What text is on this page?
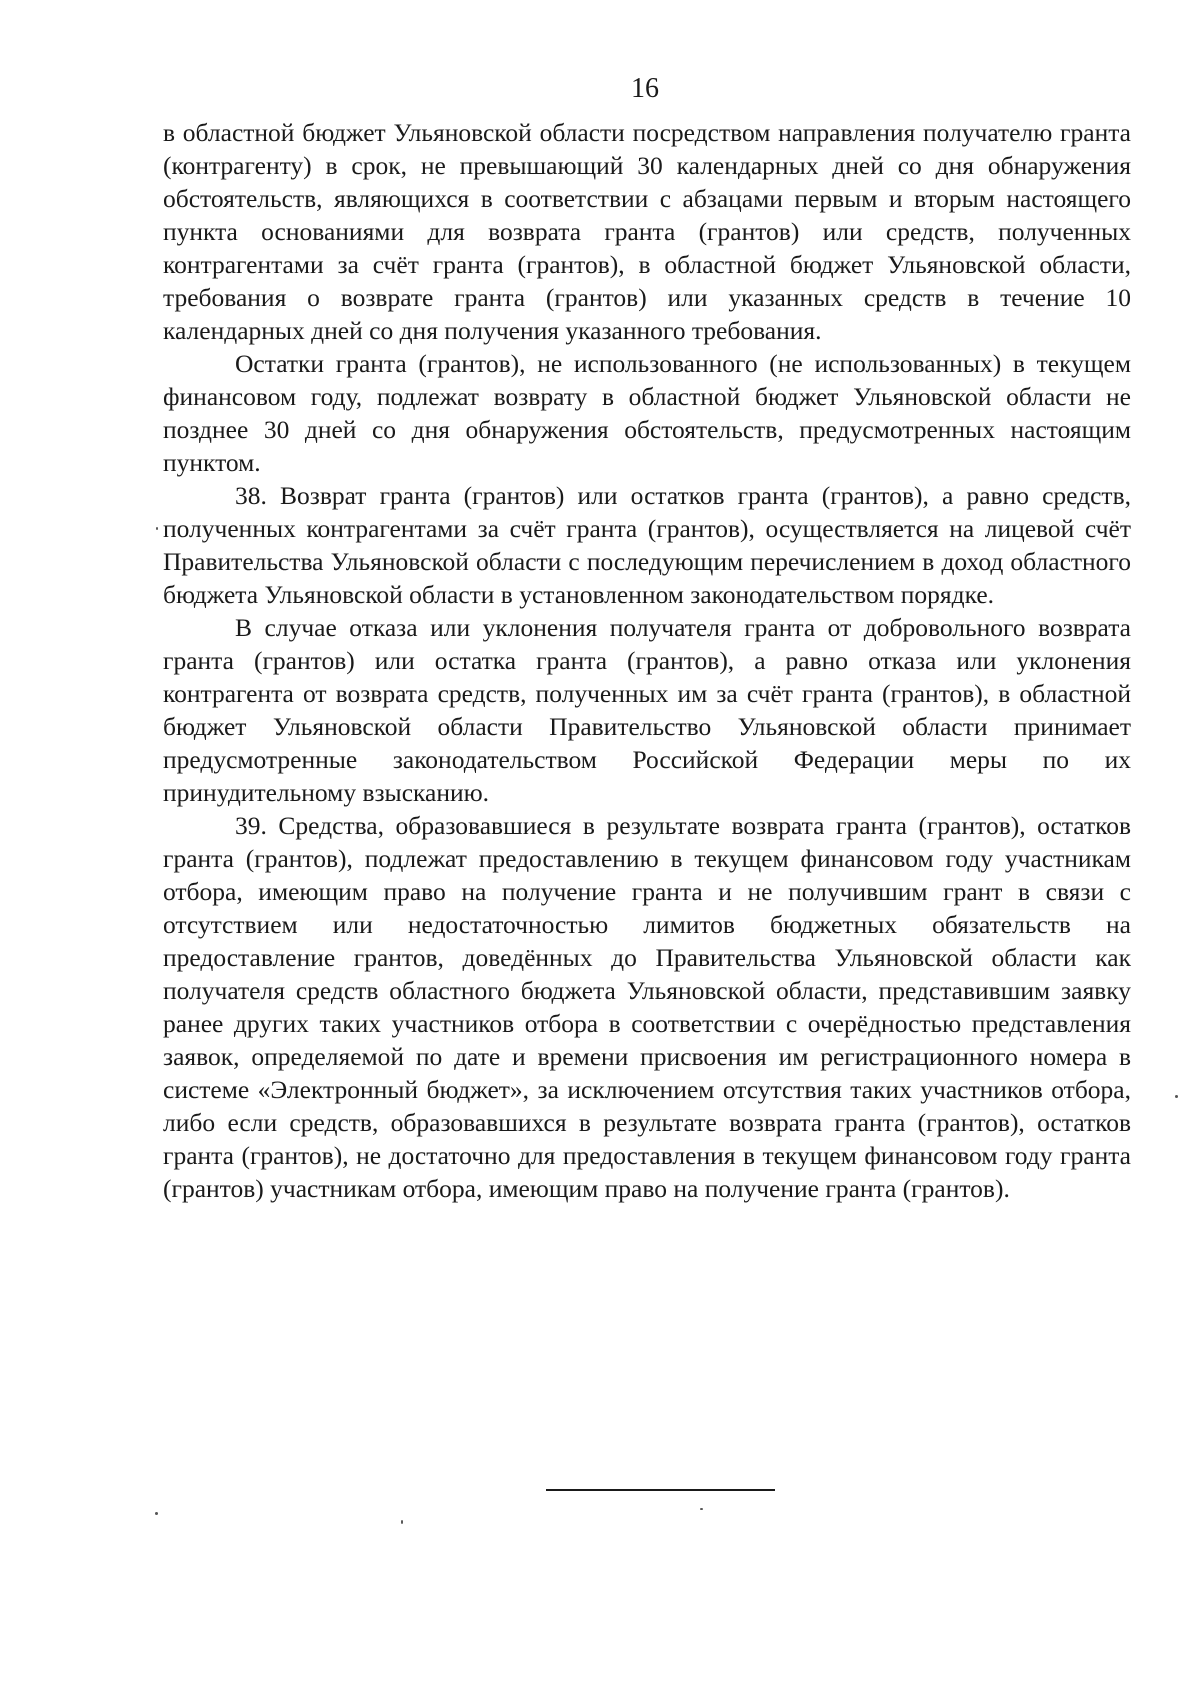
16

в областной бюджет Ульяновской области посредством направления получателю гранта (контрагенту) в срок, не превышающий 30 календарных дней со дня обнаружения обстоятельств, являющихся в соответствии с абзацами первым и вторым настоящего пункта основаниями для возврата гранта (грантов) или средств, полученных контрагентами за счёт гранта (грантов), в областной бюджет Ульяновской области, требования о возврате гранта (грантов) или указанных средств в течение 10 календарных дней со дня получения указанного требования.

Остатки гранта (грантов), не использованного (не использованных) в текущем финансовом году, подлежат возврату в областной бюджет Ульяновской области не позднее 30 дней со дня обнаружения обстоятельств, предусмотренных настоящим пунктом.

38. Возврат гранта (грантов) или остатков гранта (грантов), а равно средств, полученных контрагентами за счёт гранта (грантов), осуществляется на лицевой счёт Правительства Ульяновской области с последующим перечислением в доход областного бюджета Ульяновской области в установленном законодательством порядке.

В случае отказа или уклонения получателя гранта от добровольного возврата гранта (грантов) или остатка гранта (грантов), а равно отказа или уклонения контрагента от возврата средств, полученных им за счёт гранта (грантов), в областной бюджет Ульяновской области Правительство Ульяновской области принимает предусмотренные законодательством Российской Федерации меры по их принудительному взысканию.

39. Средства, образовавшиеся в результате возврата гранта (грантов), остатков гранта (грантов), подлежат предоставлению в текущем финансовом году участникам отбора, имеющим право на получение гранта и не получившим грант в связи с отсутствием или недостаточностью лимитов бюджетных обязательств на предоставление грантов, доведённых до Правительства Ульяновской области как получателя средств областного бюджета Ульяновской области, представившим заявку ранее других таких участников отбора в соответствии с очерёдностью представления заявок, определяемой по дате и времени присвоения им регистрационного номера в системе «Электронный бюджет», за исключением отсутствия таких участников отбора, либо если средств, образовавшихся в результате возврата гранта (грантов), остатков гранта (грантов), не достаточно для предоставления в текущем финансовом году гранта (грантов) участникам отбора, имеющим право на получение гранта (грантов).
